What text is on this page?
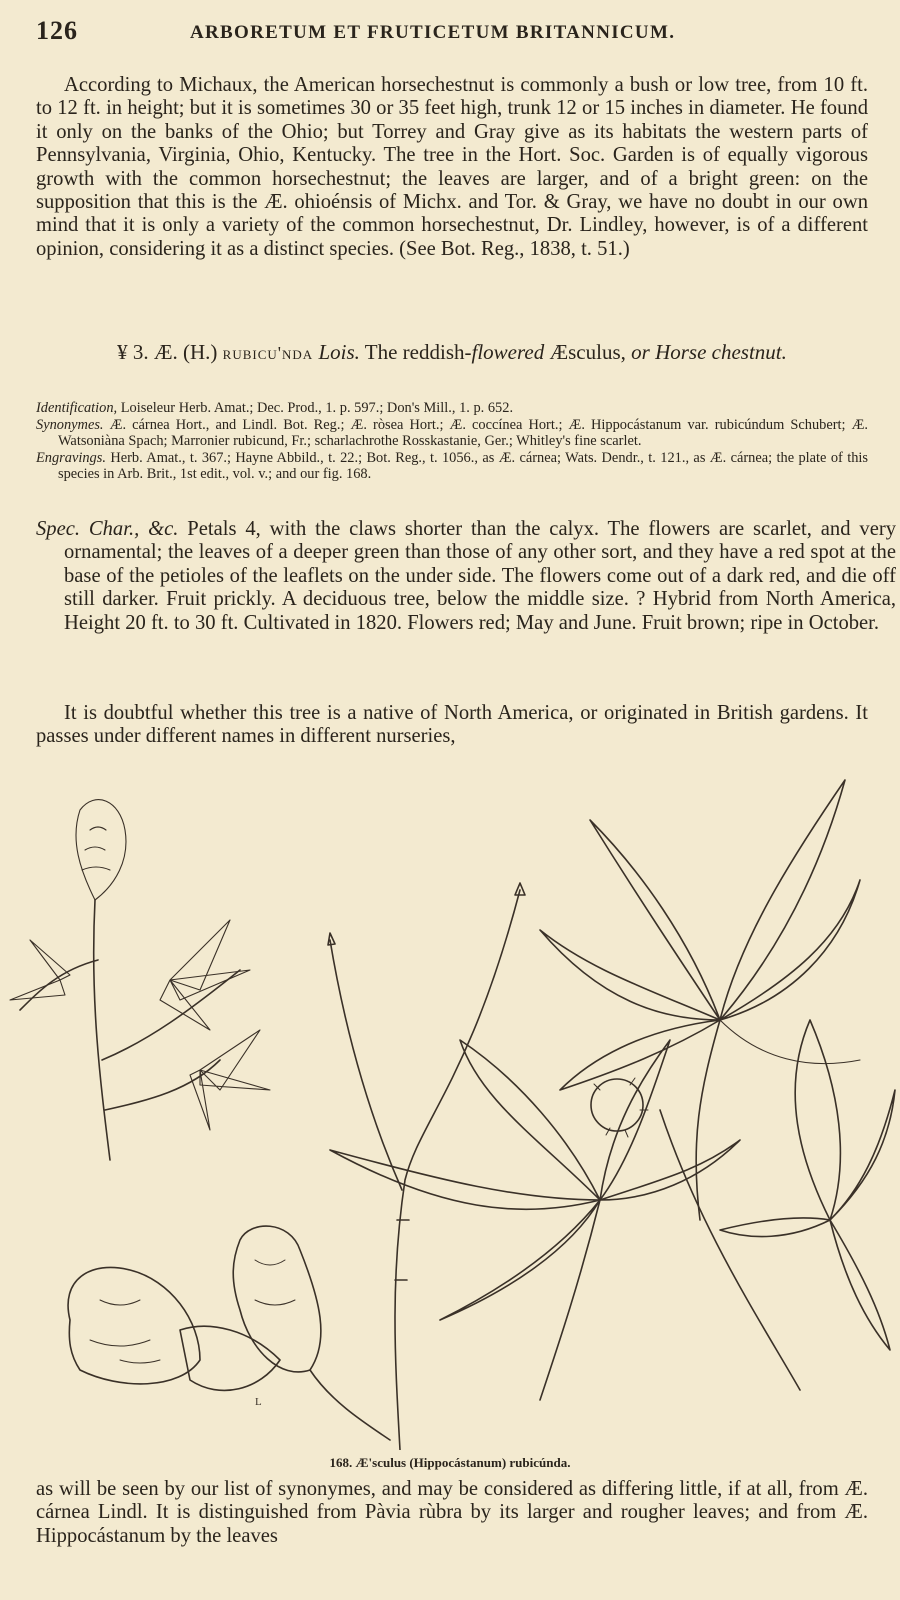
126	ARBORETUM ET FRUTICETUM BRITANNICUM.

According to Michaux, the American horsechestnut is commonly a bush or low tree, from 10 ft. to 12 ft. in height; but it is sometimes 30 or 35 feet high, trunk 12 or 15 inches in diameter. He found it only on the banks of the Ohio; but Torrey and Gray give as its habitats the western parts of Pennsylvania, Virginia, Ohio, Kentucky. The tree in the Hort. Soc. Garden is of equally vigorous growth with the common horsechestnut; the leaves are larger, and of a bright green: on the supposition that this is the Æ. ohioénsis of Michx. and Tor. & Gray, we have no doubt in our own mind that it is only a variety of the common horsechestnut, Dr. Lindley, however, is of a different opinion, considering it as a distinct species. (See Bot. Reg., 1838, t. 51.)

¥ 3. Æ. (H.) rubicu'nda Lois. The reddish-flowered Æsculus, or Horse chestnut.

Identification, Loiseleur Herb. Amat.; Dec. Prod., 1. p. 597.; Don's Mill., 1. p. 652.

Synonymes. Æ. cárnea Hort., and Lindl. Bot. Reg.; Æ. ròsea Hort.; Æ. coccínea Hort.; Æ. Hippocástanum var. rubicúndum Schubert; Æ. Watsoniàna Spach; Marronier rubicund, Fr.; scharlachrothe Rosskastanie, Ger.; Whitley's fine scarlet.

Engravings. Herb. Amat., t. 367.; Hayne Abbild., t. 22.; Bot. Reg., t. 1056., as Æ. cárnea; Wats. Dendr., t. 121., as Æ. cárnea; the plate of this species in Arb. Brit., 1st edit., vol. v.; and our fig. 168.

Spec. Char., &c. Petals 4, with the claws shorter than the calyx. The flowers are scarlet, and very ornamental; the leaves of a deeper green than those of any other sort, and they have a red spot at the base of the petioles of the leaflets on the under side. The flowers come out of a dark red, and die off still darker. Fruit prickly. A deciduous tree, below the middle size. ? Hybrid from North America, Height 20 ft. to 30 ft. Cultivated in 1820. Flowers red; May and June. Fruit brown; ripe in October.

It is doubtful whether this tree is a native of North America, or originated in British gardens. It passes under different names in different nurseries,

L
168. Æ'sculus (Hippocástanum) rubicúnda.

as will be seen by our list of synonymes, and may be considered as differing little, if at all, from Æ. cárnea Lindl. It is distinguished from Pàvia rùbra by its larger and rougher leaves; and from Æ. Hippocástanum by the leaves
